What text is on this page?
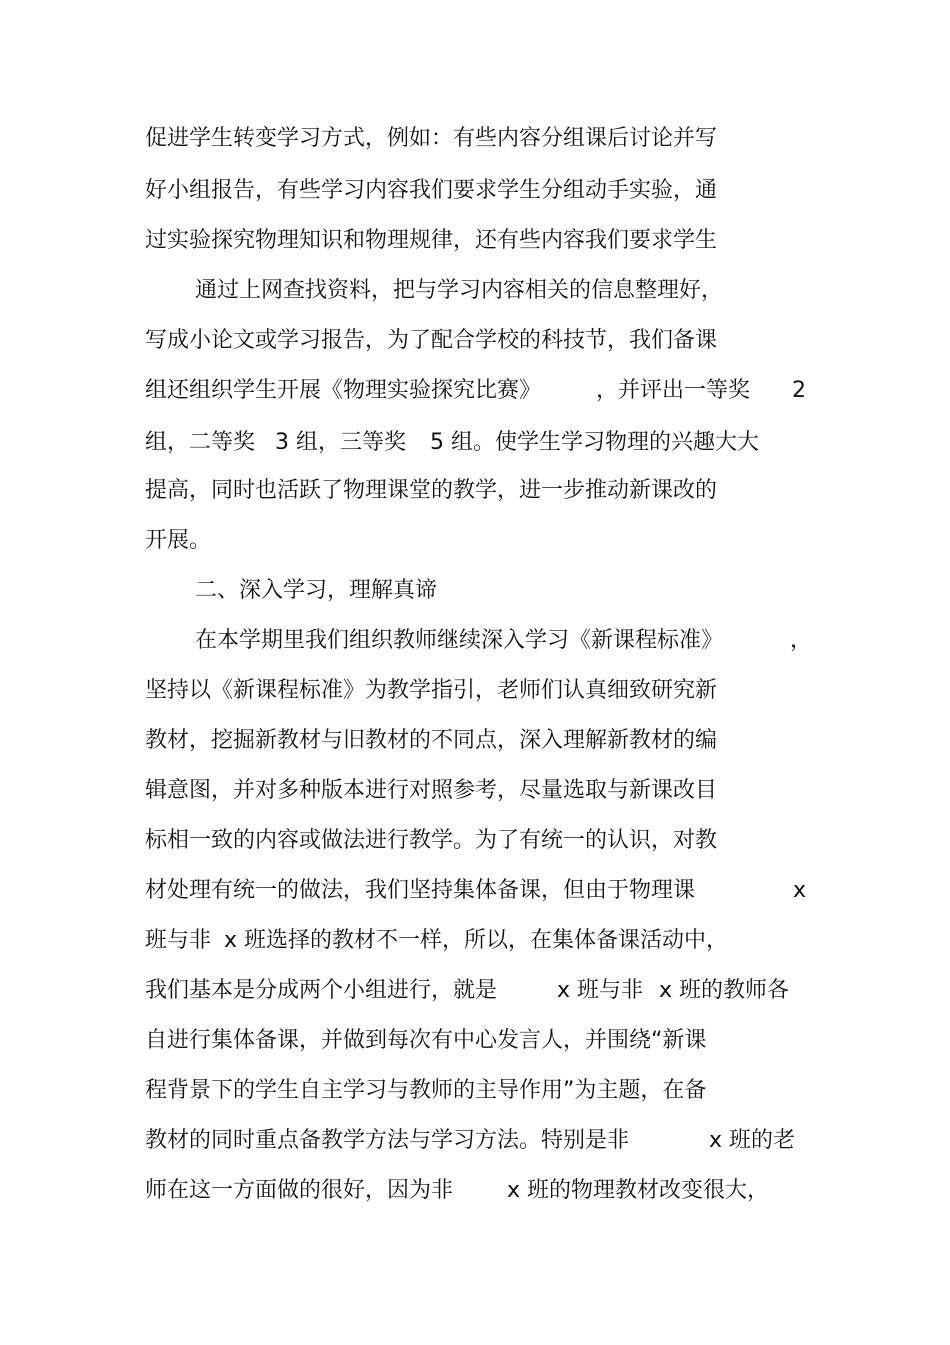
促进学生转变学习方式，例如：有些内容分组课后讨论并写
好小组报告，有些学习内容我们要求学生分组动手实验，通
过实验探究物理知识和物理规律，还有些内容我们要求学生
通过上网查找资料，把与学习内容相关的信息整理好，
写成小论文或学习报告，为了配合学校的科技节，我们备课
组还组织学生开展《物理实验探究比赛》 ，并评出一等奖 2
组，二等奖 3 组，三等奖 5 组。使学生学习物理的兴趣大大
提高，同时也活跃了物理课堂的教学，进一步推动新课改的
开展。
二、深入学习，理解真谛
在本学期里我们组织教师继续深入学习《新课程标准》	，
坚持以《新课程标准》为教学指引，老师们认真细致研究新
教材，挖掘新教材与旧教材的不同点，深入理解新教材的编
辑意图，并对多种版本进行对照参考，尽量选取与新课改目
标相一致的内容或做法进行教学。为了有统一的认识，对教
材处理有统一的做法，我们坚持集体备课，但由于物理课	x
班与非 x 班选择的教材不一样，所以，在集体备课活动中，
我们基本是分成两个小组进行，就是	x 班与非 x 班的教师各
自进行集体备课，并做到每次有中心发言人，并围绕“新课
程背景下的学生自主学习与教师的主导作用”为主题，在备
教材的同时重点备教学方法与学习方法。特别是非	x 班的老
师在这一方面做的很好，因为非 x 班的物理教材改变很大，
